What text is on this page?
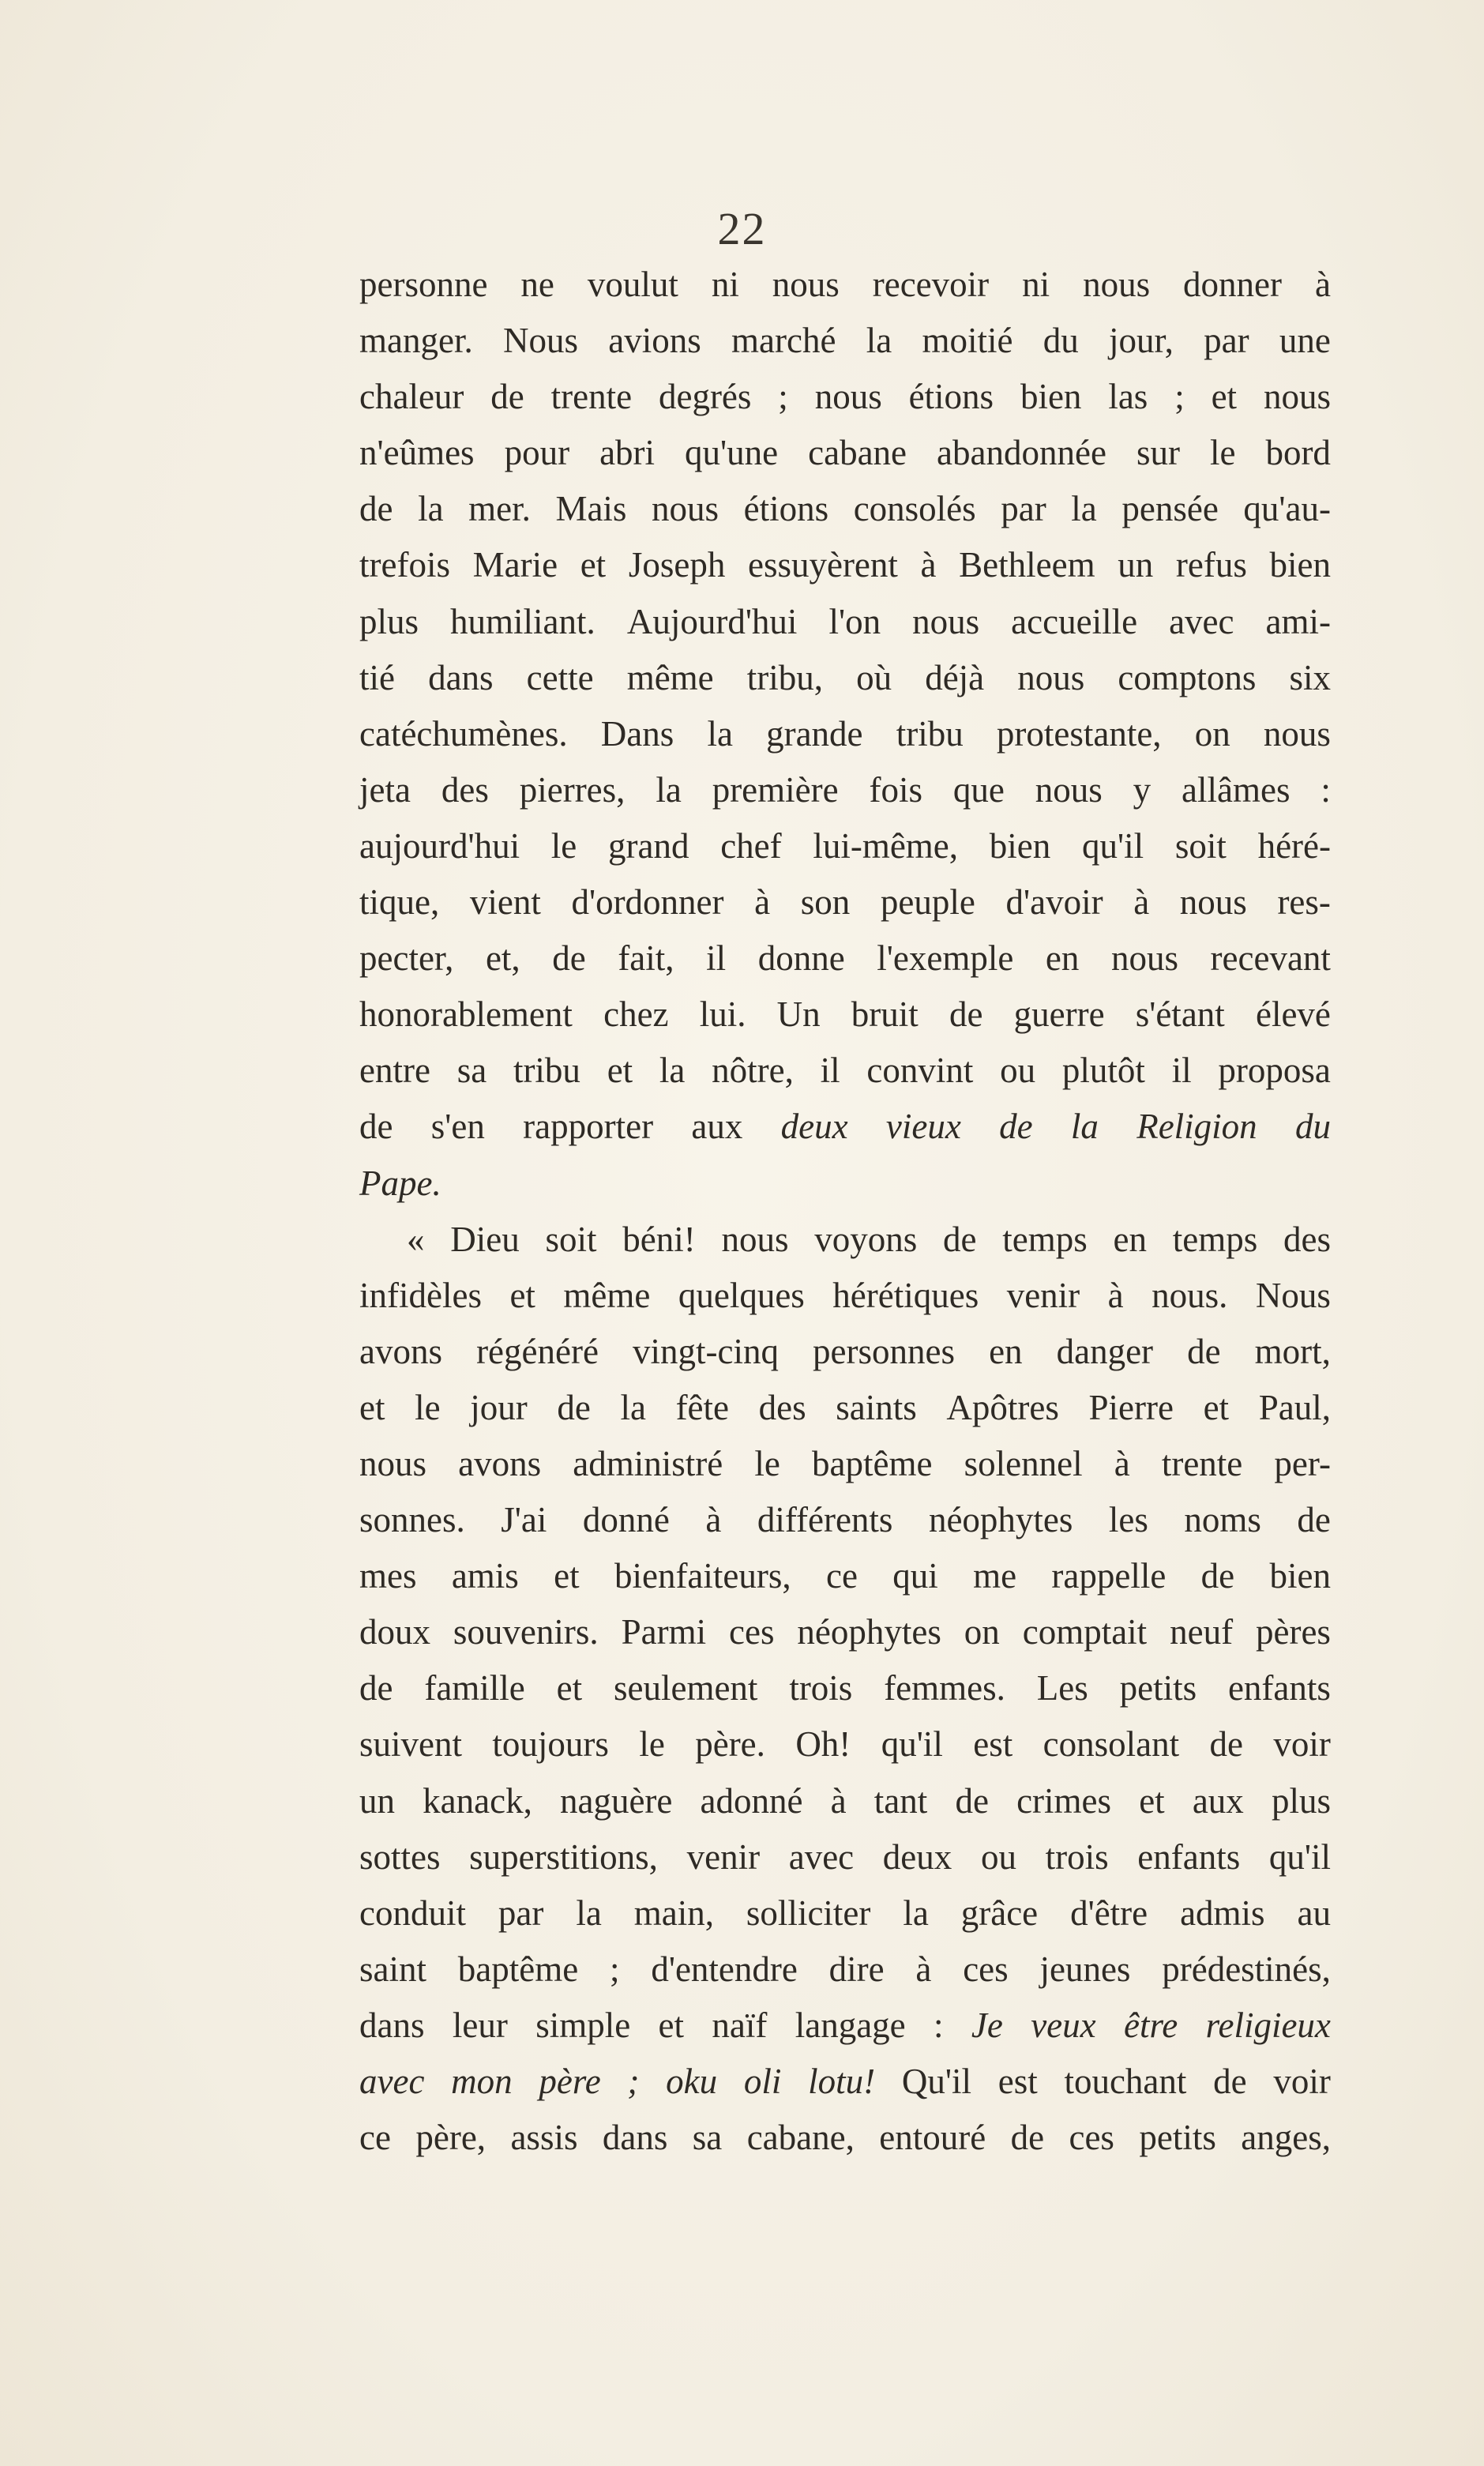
22
personne ne voulut ni nous recevoir ni nous donner à
manger. Nous avions marché la moitié du jour, par une
chaleur de trente degrés ; nous étions bien las ; et nous
n'eûmes pour abri qu'une cabane abandonnée sur le bord
de la mer. Mais nous étions consolés par la pensée qu'au-
trefois Marie et Joseph essuyèrent à Bethleem un refus bien
plus humiliant. Aujourd'hui l'on nous accueille avec ami-
tié dans cette même tribu, où déjà nous comptons six
catéchumènes. Dans la grande tribu protestante, on nous
jeta des pierres, la première fois que nous y allâmes :
aujourd'hui le grand chef lui-même, bien qu'il soit héré-
tique, vient d'ordonner à son peuple d'avoir à nous res-
pecter, et, de fait, il donne l'exemple en nous recevant
honorablement chez lui. Un bruit de guerre s'étant élevé
entre sa tribu et la nôtre, il convint ou plutôt il proposa
de s'en rapporter aux deux vieux de la Religion du
Pape.
« Dieu soit béni! nous voyons de temps en temps des
infidèles et même quelques hérétiques venir à nous. Nous
avons régénéré vingt-cinq personnes en danger de mort,
et le jour de la fête des saints Apôtres Pierre et Paul,
nous avons administré le baptême solennel à trente per-
sonnes. J'ai donné à différents néophytes les noms de
mes amis et bienfaiteurs, ce qui me rappelle de bien
doux souvenirs. Parmi ces néophytes on comptait neuf pères
de famille et seulement trois femmes. Les petits enfants
suivent toujours le père. Oh! qu'il est consolant de voir
un kanack, naguère adonné à tant de crimes et aux plus
sottes superstitions, venir avec deux ou trois enfants qu'il
conduit par la main, solliciter la grâce d'être admis au
saint baptême ; d'entendre dire à ces jeunes prédestinés,
dans leur simple et naïf langage : Je veux être religieux
avec mon père ; oku oli lotu! Qu'il est touchant de voir
ce père, assis dans sa cabane, entouré de ces petits anges,
